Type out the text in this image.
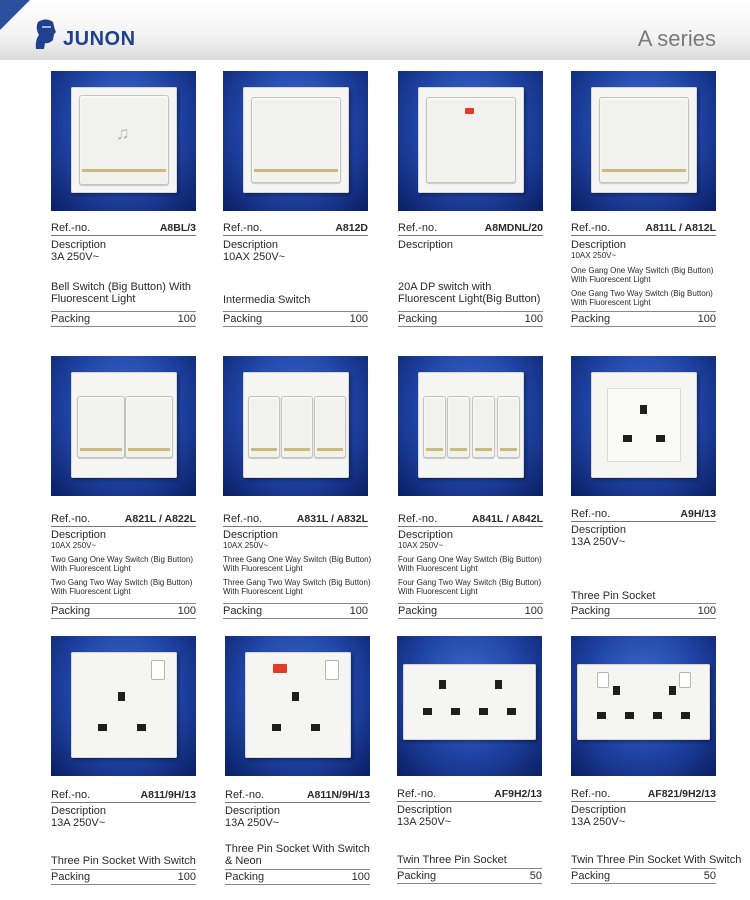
JUNON	A series
♫
Ref.-no.	A8BL/3
Description
3A 250V~
Bell Switch (Big Button) With Fluorescent Light
Packing	100
Ref.-no.	A812D
Description
10AX 250V~
Intermedia Switch
Packing	100
Ref.-no.	A8MDNL/20
Description
20A DP switch with Fluorescent Light(Big Button)
Packing	100
Ref.-no.	A811L / A812L
Description
10AX 250V~
One Gang One Way Switch (Big Button) With Fluorescent Light
One Gang Two Way Switch (Big Button) With Fluorescent Light
Packing	100
Ref.-no.	A821L / A822L
Description
10AX 250V~
Two Gang One Way Switch (Big Button) With Fluorescent Light
Two Gang Two Way Switch (Big Button) With Fluorescent Light
Packing	100
Ref.-no.	A831L / A832L
Description
10AX 250V~
Three Gang One Way Switch (Big Button) With Fluorescent Light
Three Gang Two Way Switch (Big Button) With Fluorescent Light
Packing	100
Ref.-no.	A841L / A842L
Description
10AX 250V~
Four Gang One Way Switch (Big Button) With Fluorescent Light
Four Gang Two Way Switch (Big Button) With Fluorescent Light
Packing	100
Ref.-no.	A9H/13
Description
13A 250V~
Three Pin Socket
Packing	100
Ref.-no.	A811/9H/13
Description
13A 250V~
Three Pin Socket With Switch
Packing	100
Ref.-no.	A811N/9H/13
Description
13A 250V~
Three Pin Socket With Switch & Neon
Packing	100
Ref.-no.	AF9H2/13
Description
13A 250V~
Twin Three Pin Socket
Packing	50
Ref.-no.	AF821/9H2/13
Description
13A 250V~
Twin Three Pin Socket With Switch
Packing	50
